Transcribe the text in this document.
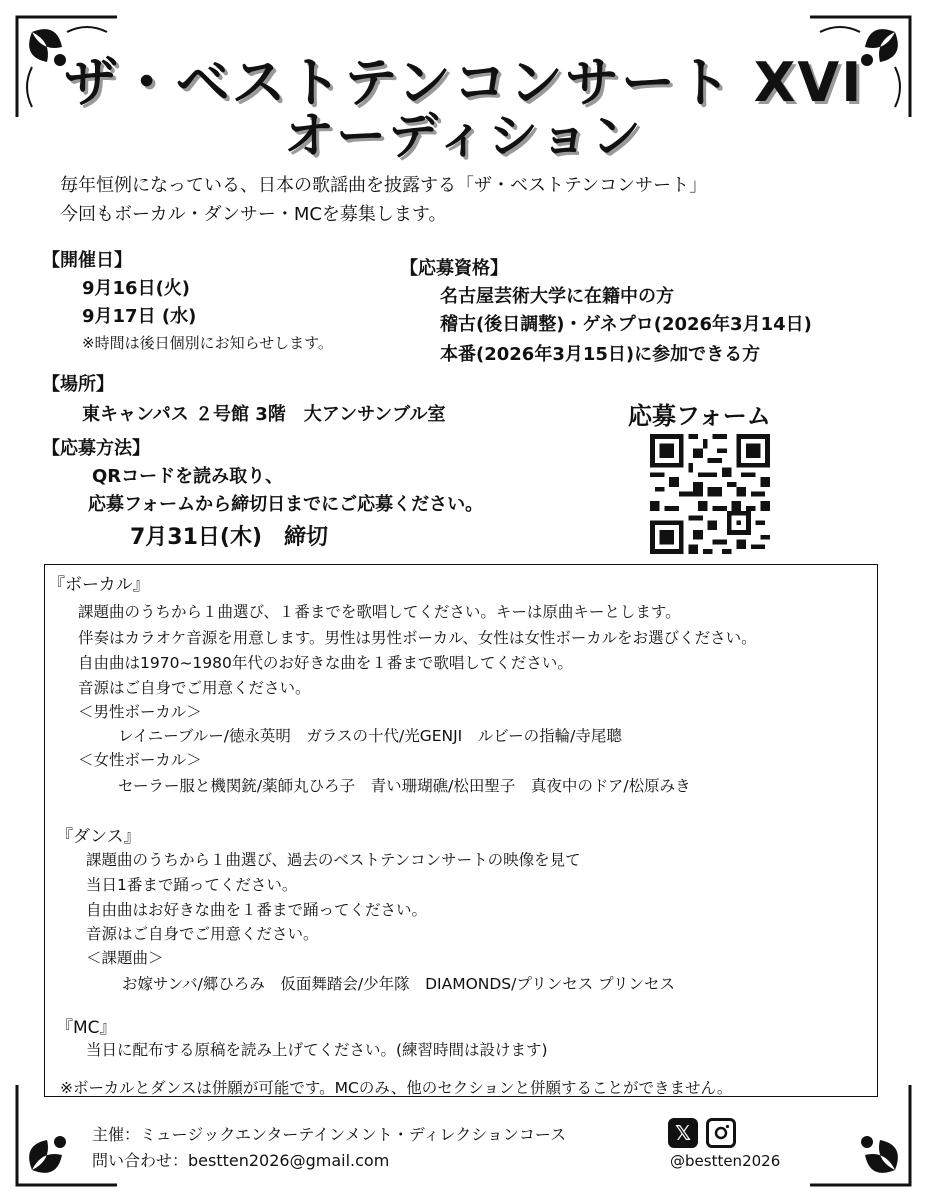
ザ・ベストテンコンサート XVI
オーディション
毎年恒例になっている、日本の歌謡曲を披露する「ザ・ベストテンコンサート」
今回もボーカル・ダンサー・MCを募集します。
【開催日】
9月16日(火)
9月17日 (水)
※時間は後日個別にお知らせします。
【応募資格】
名古屋芸術大学に在籍中の方
稽古(後日調整)・ゲネプロ(2026年3月14日)
本番(2026年3月15日)に参加できる方
【場所】
東キャンパス ２号館 3階　大アンサンブル室	応募フォーム
【応募方法】
QRコードを読み取り、
応募フォームから締切日までにご応募ください。
7月31日(木)　締切
『ボーカル』
課題曲のうちから１曲選び、１番までを歌唱してください。キーは原曲キーとします。
伴奏はカラオケ音源を用意します。男性は男性ボーカル、女性は女性ボーカルをお選びください。
自由曲は1970~1980年代のお好きな曲を１番まで歌唱してください。
音源はご自身でご用意ください。
＜男性ボーカル＞
レイニーブルー/徳永英明　ガラスの十代/光GENJI　ルビーの指輪/寺尾聰
＜女性ボーカル＞
セーラー服と機関銃/薬師丸ひろ子　青い珊瑚礁/松田聖子　真夜中のドア/松原みき
『ダンス』
課題曲のうちから１曲選び、過去のベストテンコンサートの映像を見て
当日1番まで踊ってください。
自由曲はお好きな曲を１番まで踊ってください。
音源はご自身でご用意ください。
＜課題曲＞
お嫁サンバ/郷ひろみ　仮面舞踏会/少年隊　DIAMONDS/プリンセス プリンセス
『MC』
当日に配布する原稿を読み上げてください。(練習時間は設けます)
※ボーカルとダンスは併願が可能です。MCのみ、他のセクションと併願することができません。
主催：ミュージックエンターテインメント・ディレクションコース
問い合わせ：bestten2026@gmail.com
𝕏
@bestten2026
